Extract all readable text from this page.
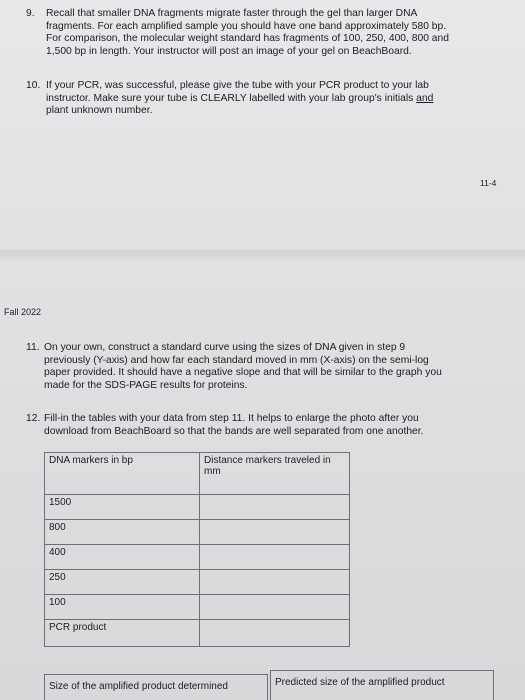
9. Recall that smaller DNA fragments migrate faster through the gel than larger DNA
fragments. For each amplified sample you should have one band approximately 580 bp.
For comparison, the molecular weight standard has fragments of 100, 250, 400, 800 and
1,500 bp in length. Your instructor will post an image of your gel on BeachBoard.
10. If your PCR, was successful, please give the tube with your PCR product to your lab
instructor. Make sure your tube is CLEARLY labelled with your lab group's initials and
plant unknown number.
11-4
Fall 2022
11. On your own, construct a standard curve using the sizes of DNA given in step 9
previously (Y-axis) and how far each standard moved in mm (X-axis) on the semi-log
paper provided. It should have a negative slope and that will be similar to the graph you
made for the SDS-PAGE results for proteins.
12. Fill-in the tables with your data from step 11. It helps to enlarge the photo after you
download from BeachBoard so that the bands are well separated from one another.
DNA markers in bp	Distance markers traveled in mm
1500	
800	
400	
250	
100	
PCR product	
Size of the amplified product determined	Predicted size of the amplified product
